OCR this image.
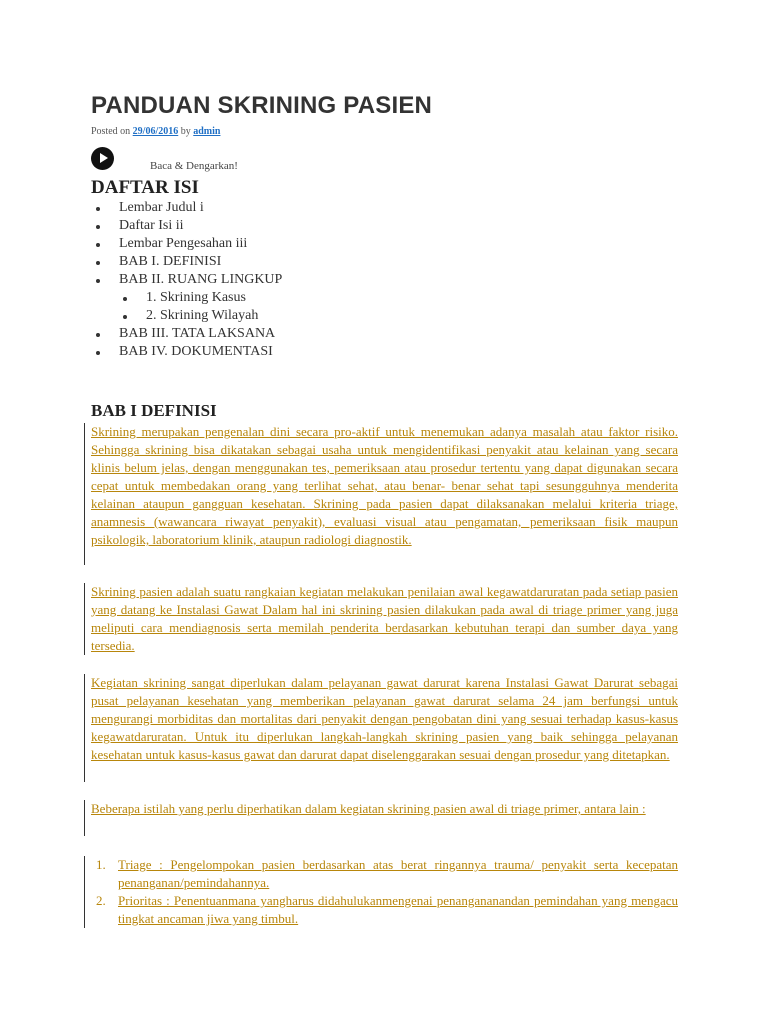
PANDUAN SKRINING PASIEN
Posted on 29/06/2016 by admin
Baca & Dengarkan!
DAFTAR ISI
Lembar Judul i
Daftar Isi ii
Lembar Pengesahan iii
BAB I. DEFINISI
BAB II. RUANG LINGKUP
1. Skrining Kasus
2. Skrining Wilayah
BAB III. TATA LAKSANA
BAB IV. DOKUMENTASI
BAB I DEFINISI

Skrining merupakan pengenalan dini secara pro-aktif untuk menemukan adanya masalah atau faktor risiko. Sehingga skrining bisa dikatakan sebagai usaha untuk mengidentifikasi penyakit atau kelainan yang secara klinis belum jelas, dengan menggunakan tes, pemeriksaan atau prosedur tertentu yang dapat digunakan secara cepat untuk membedakan orang yang terlihat sehat, atau benar- benar sehat tapi sesungguhnya menderita kelainan ataupun gangguan kesehatan. Skrining pada pasien dapat dilaksanakan melalui kriteria triage, anamnesis (wawancara riwayat penyakit), evaluasi visual atau pengamatan, pemeriksaan fisik maupun psikologik, laboratorium klinik, ataupun radiologi diagnostik.

Skrining pasien adalah suatu rangkaian kegiatan melakukan penilaian awal kegawatdaruratan pada setiap pasien yang datang ke Instalasi Gawat Dalam hal ini skrining pasien dilakukan pada awal di triage primer yang juga meliputi cara mendiagnosis serta memilah penderita berdasarkan kebutuhan terapi dan sumber daya yang tersedia.

Kegiatan skrining sangat diperlukan dalam pelayanan gawat darurat karena Instalasi Gawat Darurat sebagai pusat pelayanan kesehatan yang memberikan pelayanan gawat darurat selama 24 jam berfungsi untuk mengurangi morbiditas dan mortalitas dari penyakit dengan pengobatan dini yang sesuai terhadap kasus-kasus kegawatdaruratan. Untuk itu diperlukan langkah-langkah skrining pasien yang baik sehingga pelayanan kesehatan untuk kasus-kasus gawat dan darurat dapat diselenggarakan sesuai dengan prosedur yang ditetapkan.

Beberapa istilah yang perlu diperhatikan dalam kegiatan skrining pasien awal di triage primer, antara lain :

1. Triage : Pengelompokan pasien berdasarkan atas berat ringannya trauma/ penyakit serta kecepatan penanganan/pemindahannya.
2. Prioritas : Penentuanmana yangharus didahulukanmengenai penangananandan pemindahan yang mengacu tingkat ancaman jiwa yang timbul.
